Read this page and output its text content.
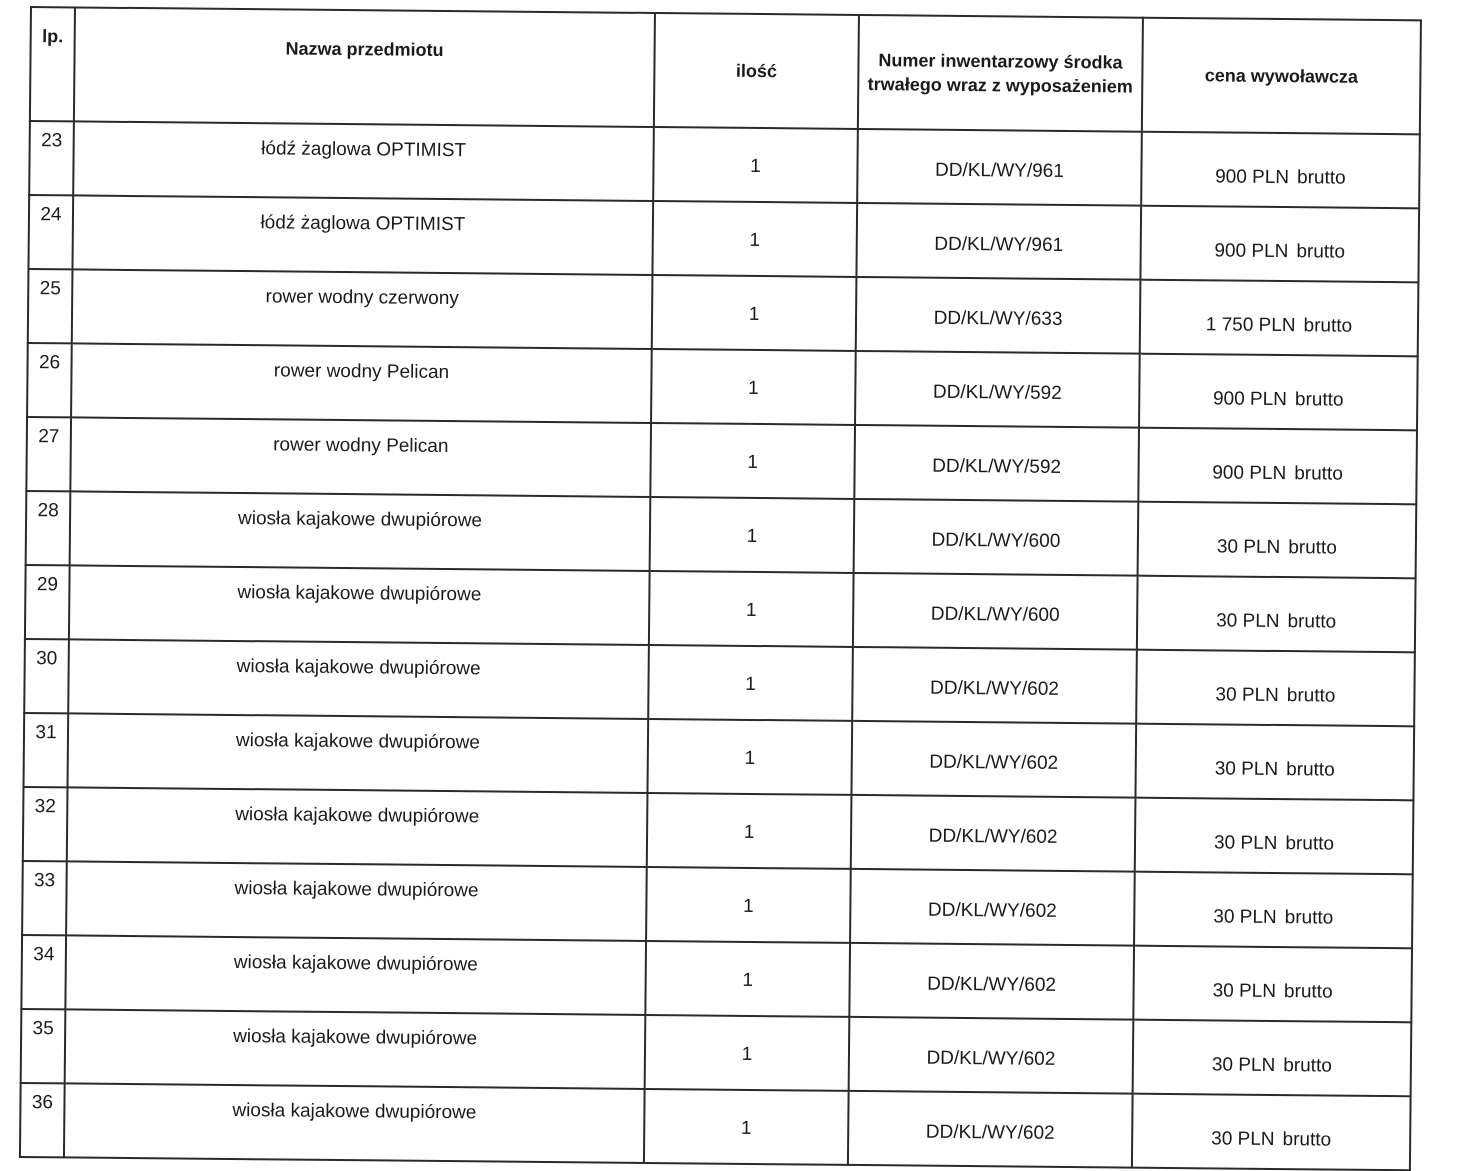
lp.	Nazwa przedmiotu	ilość	Numer inwentarzowy środka trwałego wraz z wyposażeniem	cena wywoławcza
23	łódź żaglowa OPTIMIST	1	DD/KL/WY/961	900 PLN brutto
24	łódź żaglowa OPTIMIST	1	DD/KL/WY/961	900 PLN brutto
25	rower wodny czerwony	1	DD/KL/WY/633	1 750 PLN brutto
26	rower wodny Pelican	1	DD/KL/WY/592	900 PLN brutto
27	rower wodny Pelican	1	DD/KL/WY/592	900 PLN brutto
28	wiosła kajakowe dwupiórowe	1	DD/KL/WY/600	30 PLN brutto
29	wiosła kajakowe dwupiórowe	1	DD/KL/WY/600	30 PLN brutto
30	wiosła kajakowe dwupiórowe	1	DD/KL/WY/602	30 PLN brutto
31	wiosła kajakowe dwupiórowe	1	DD/KL/WY/602	30 PLN brutto
32	wiosła kajakowe dwupiórowe	1	DD/KL/WY/602	30 PLN brutto
33	wiosła kajakowe dwupiórowe	1	DD/KL/WY/602	30 PLN brutto
34	wiosła kajakowe dwupiórowe	1	DD/KL/WY/602	30 PLN brutto
35	wiosła kajakowe dwupiórowe	1	DD/KL/WY/602	30 PLN brutto
36	wiosła kajakowe dwupiórowe	1	DD/KL/WY/602	30 PLN brutto
